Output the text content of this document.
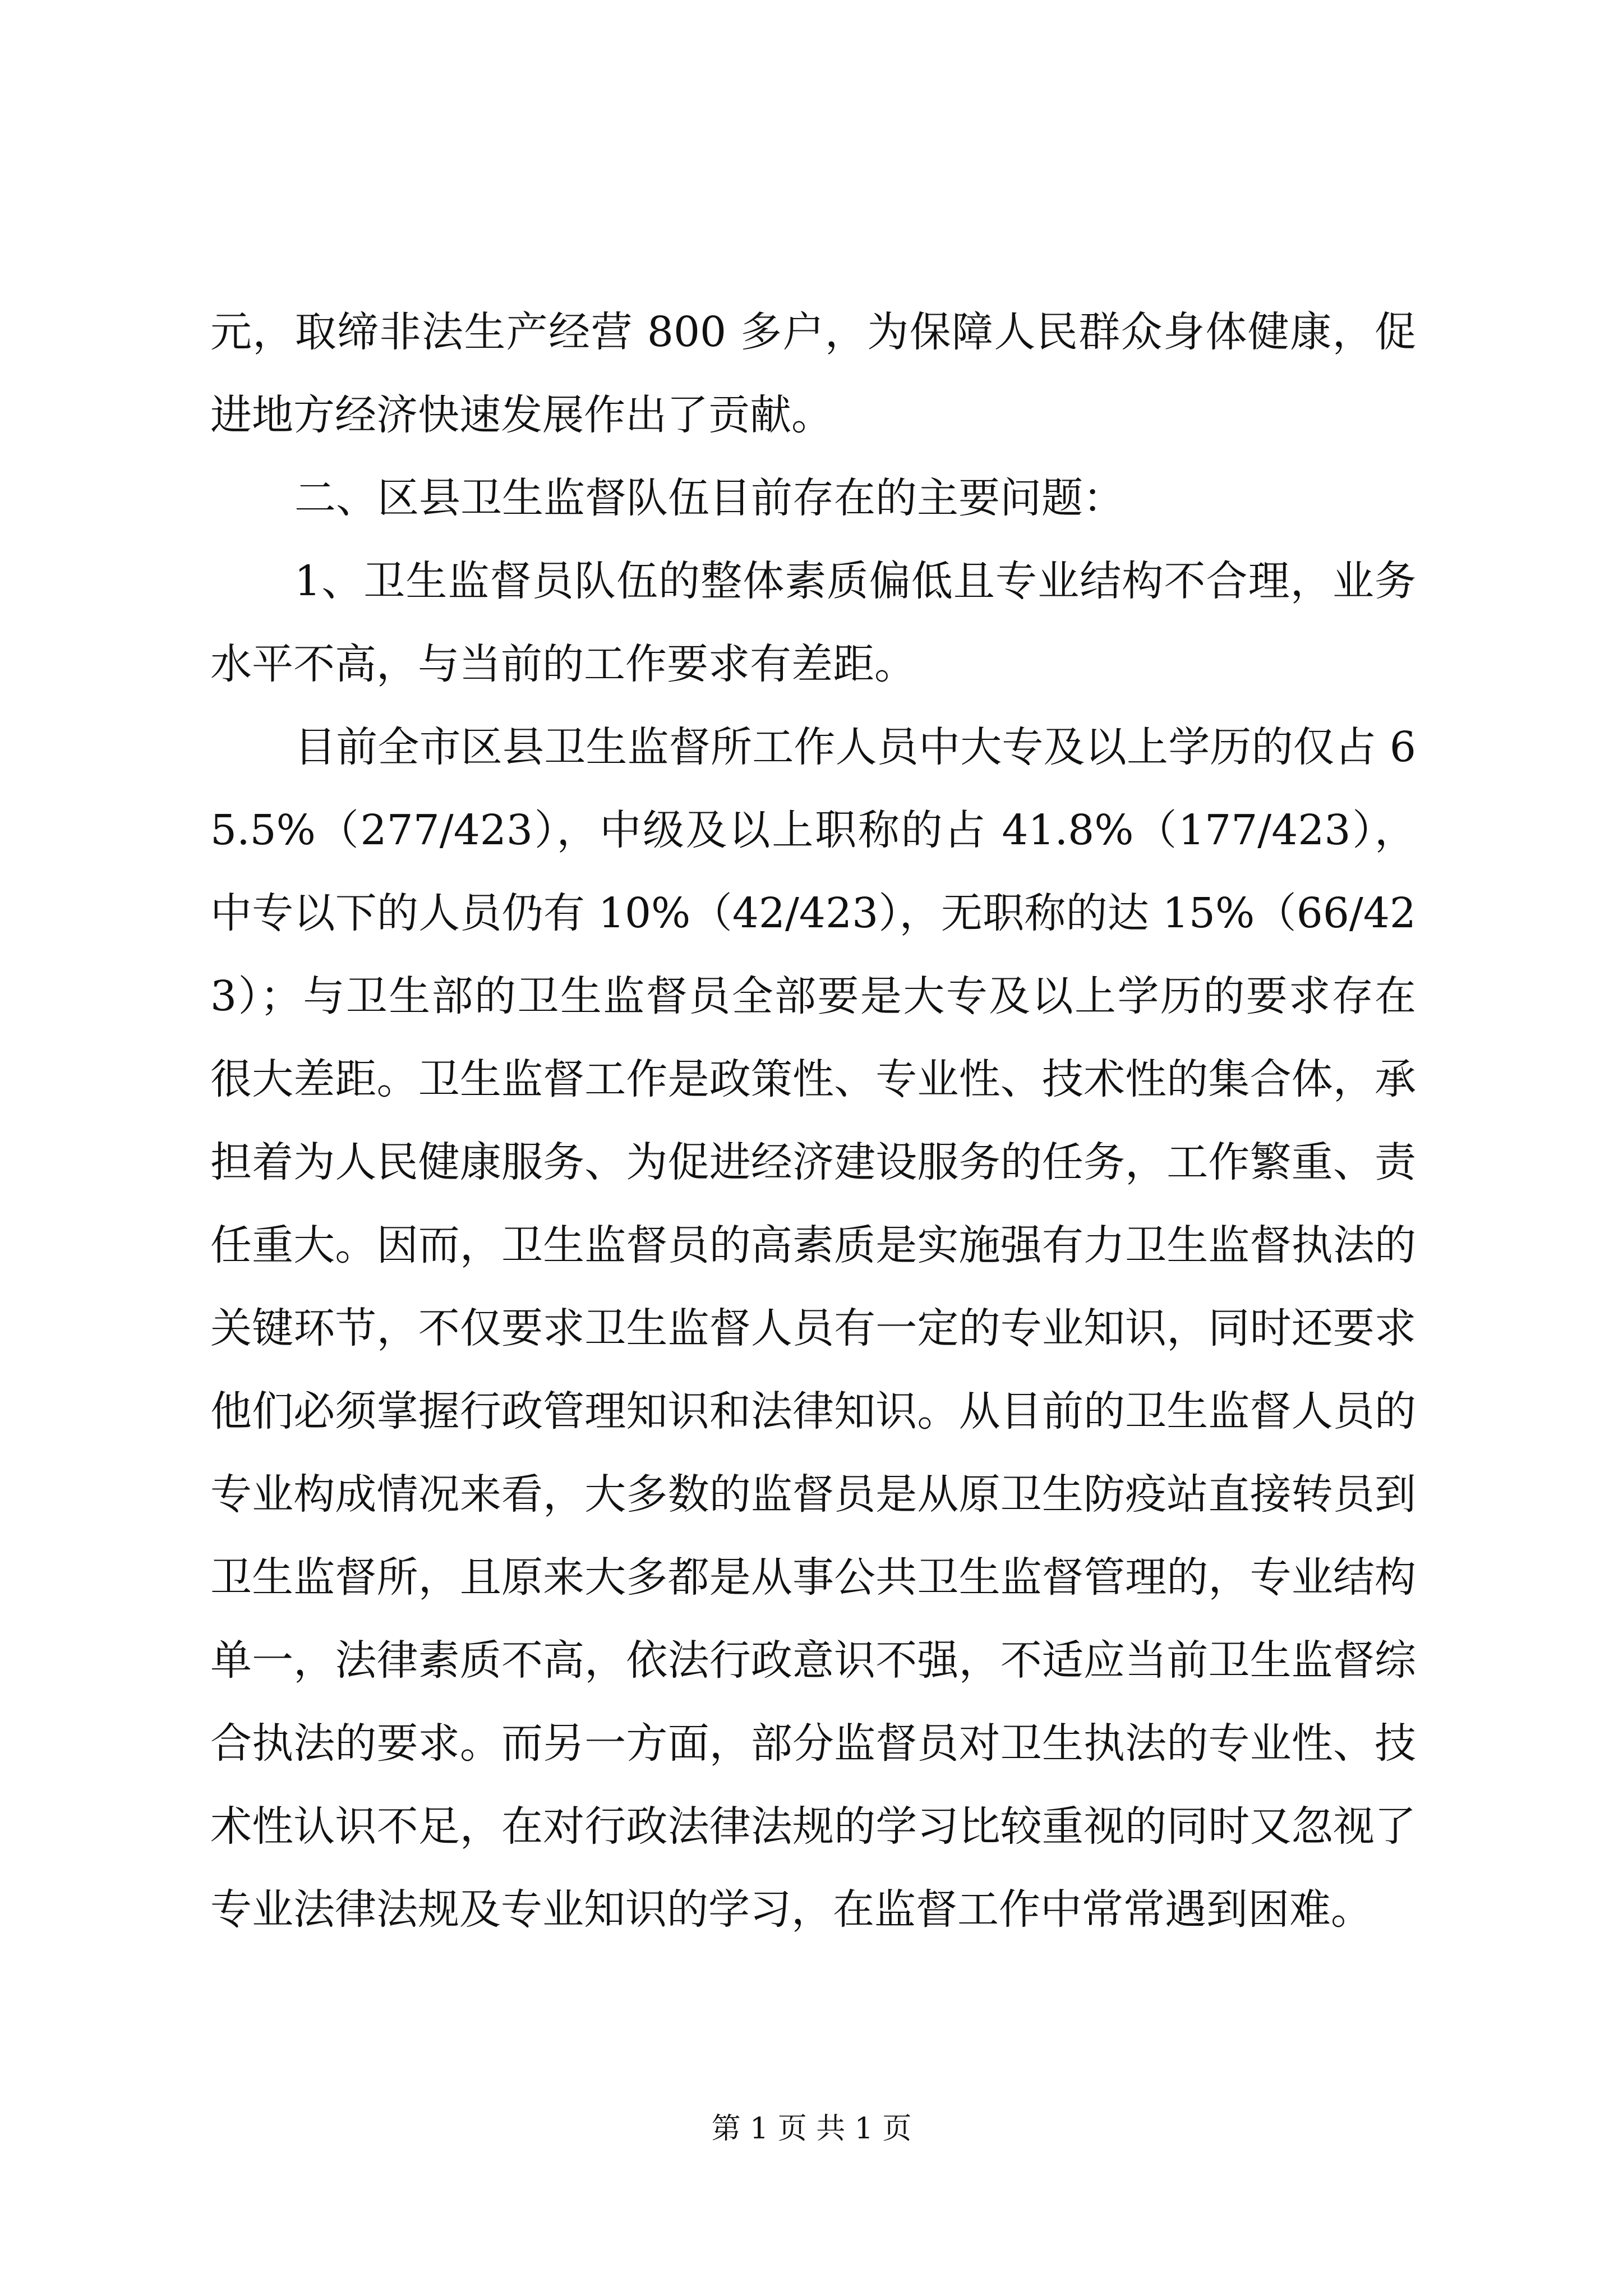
元，取缔非法生产经营 800 多户，为保障人民群众身体健康，促进地方经济快速发展作出了贡献。

二、区县卫生监督队伍目前存在的主要问题：

1、卫生监督员队伍的整体素质偏低且专业结构不合理，业务水平不高，与当前的工作要求有差距。

目前全市区县卫生监督所工作人员中大专及以上学历的仅占 65.5%（277/423），中级及以上职称的占 41.8%（177/423），中专以下的人员仍有 10%（42/423），无职称的达 15%（66/423）；与卫生部的卫生监督员全部要是大专及以上学历的要求存在很大差距。卫生监督工作是政策性、专业性、技术性的集合体，承担着为人民健康服务、为促进经济建设服务的任务，工作繁重、责任重大。因而，卫生监督员的高素质是实施强有力卫生监督执法的关键环节，不仅要求卫生监督人员有一定的专业知识，同时还要求他们必须掌握行政管理知识和法律知识。从目前的卫生监督人员的专业构成情况来看，大多数的监督员是从原卫生防疫站直接转员到卫生监督所，且原来大多都是从事公共卫生监督管理的，专业结构单一，法律素质不高，依法行政意识不强，不适应当前卫生监督综合执法的要求。而另一方面，部分监督员对卫生执法的专业性、技术性认识不足，在对行政法律法规的学习比较重视的同时又忽视了专业法律法规及专业知识的学习，在监督工作中常常遇到困难。

第 1 页 共 1 页
